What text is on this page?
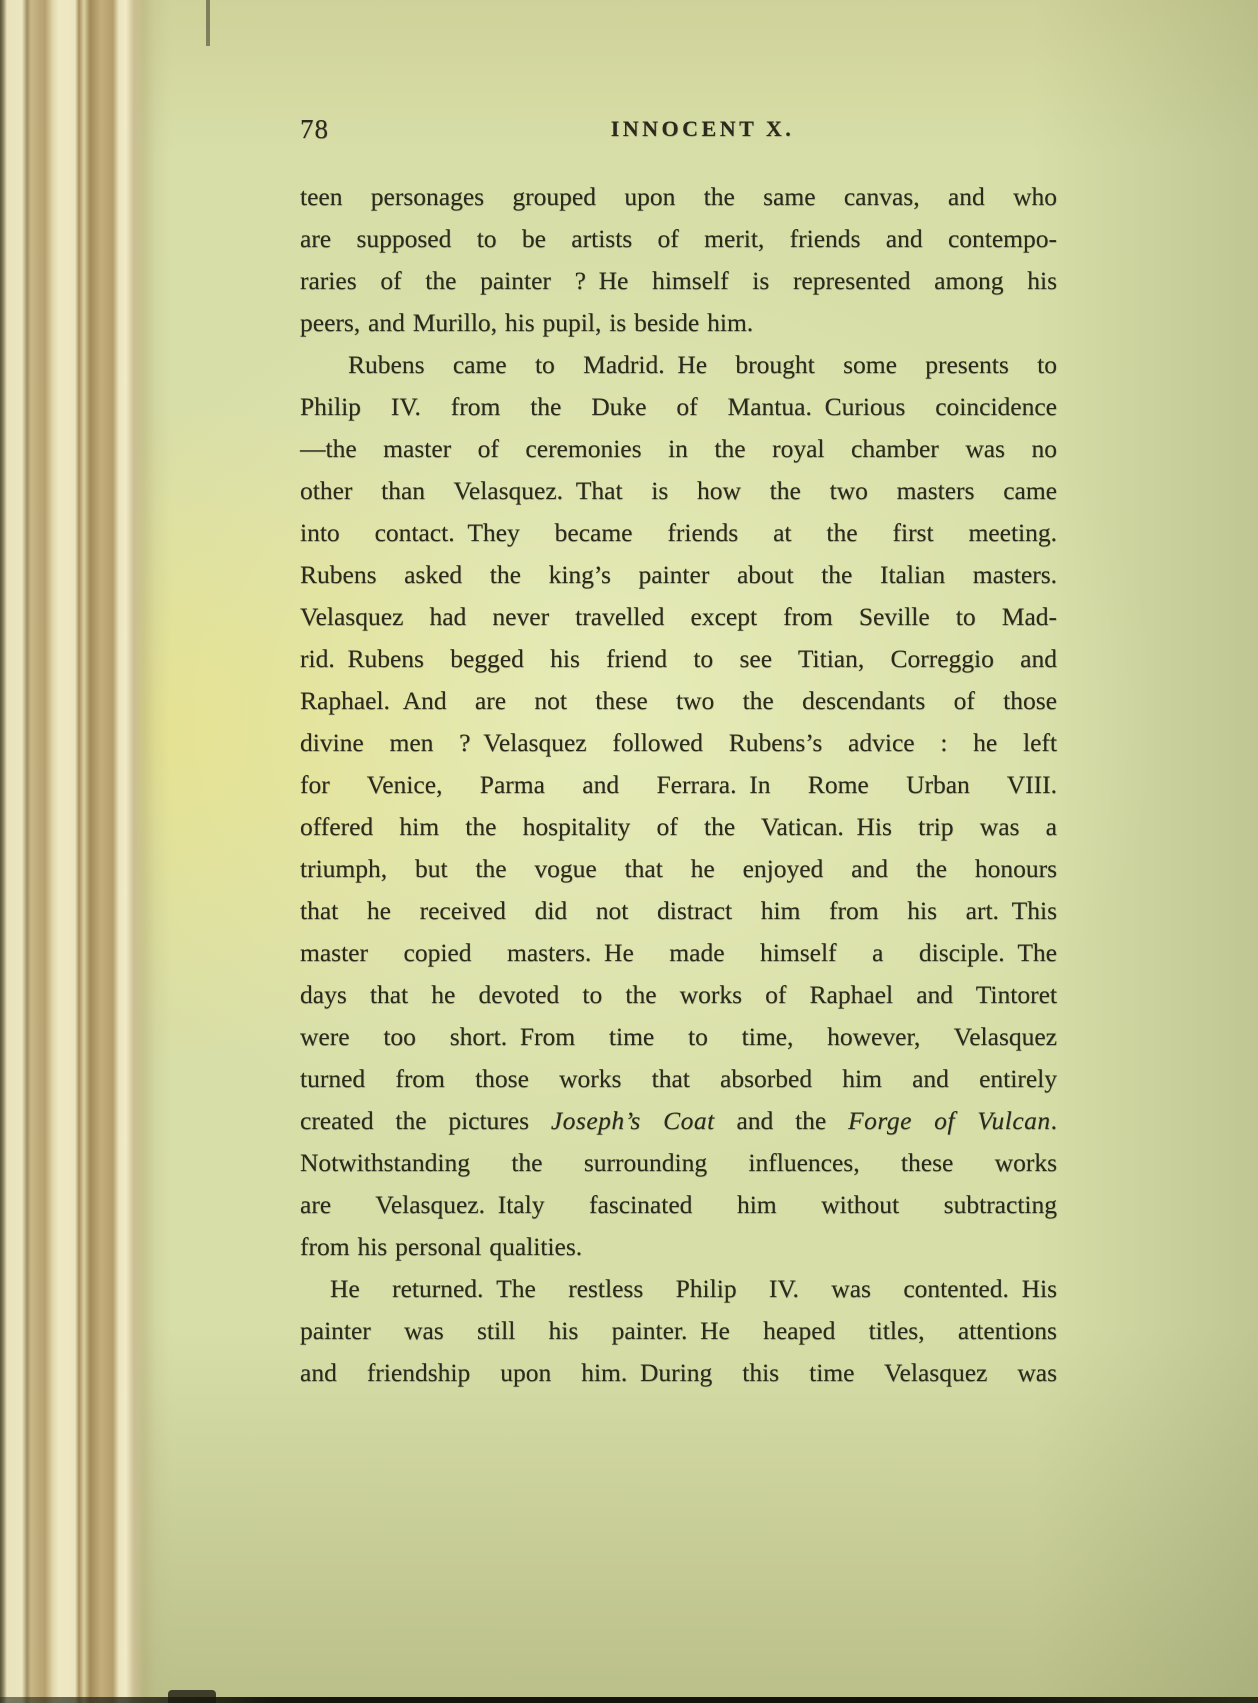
78	INNOCENT X.
teen personages grouped upon the same canvas, and who
are supposed to be artists of merit, friends and contempo-
raries of the painter ? He himself is represented among his
peers, and Murillo, his pupil, is beside him.
Rubens came to Madrid. He brought some presents to
Philip IV. from the Duke of Mantua. Curious coincidence
—the master of ceremonies in the royal chamber was no
other than Velasquez. That is how the two masters came
into contact. They became friends at the first meeting.
Rubens asked the king’s painter about the Italian masters.
Velasquez had never travelled except from Seville to Mad-
rid. Rubens begged his friend to see Titian, Correggio and
Raphael. And are not these two the descendants of those
divine men ? Velasquez followed Rubens’s advice : he left
for Venice, Parma and Ferrara. In Rome Urban VIII.
offered him the hospitality of the Vatican. His trip was a
triumph, but the vogue that he enjoyed and the honours
that he received did not distract him from his art. This
master copied masters. He made himself a disciple. The
days that he devoted to the works of Raphael and Tintoret
were too short. From time to time, however, Velasquez
turned from those works that absorbed him and entirely
created the pictures Joseph’s Coat and the Forge of Vulcan.
Notwithstanding the surrounding influences, these works
are Velasquez. Italy fascinated him without subtracting
from his personal qualities.
He returned. The restless Philip IV. was contented. His
painter was still his painter. He heaped titles, attentions
and friendship upon him. During this time Velasquez was
